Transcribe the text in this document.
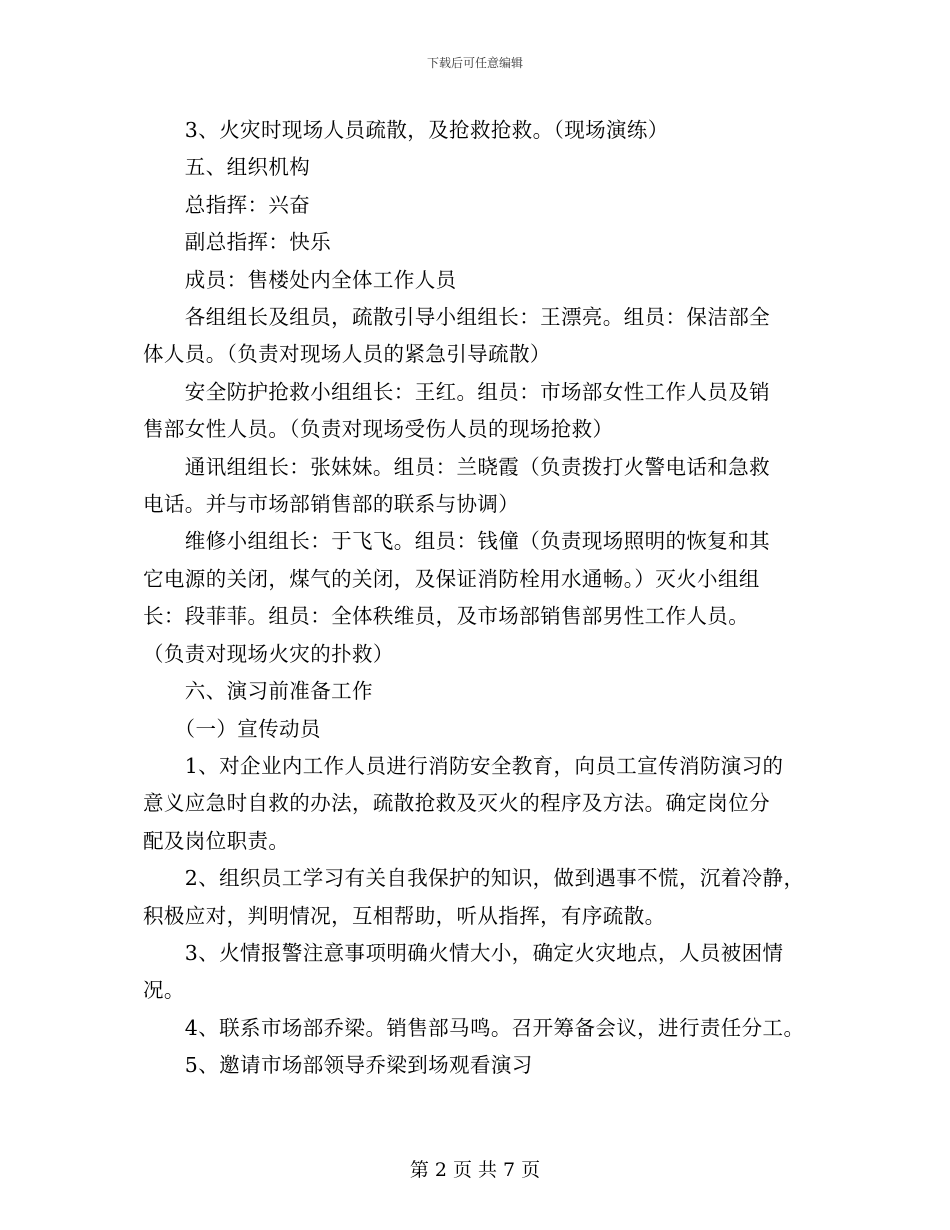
下载后可任意编辑
　　3、火灾时现场人员疏散，及抢救抢救。（现场演练）
　　五、组织机构
　　总指挥：兴奋
　　副总指挥：快乐
　　成员：售楼处内全体工作人员
　　各组组长及组员，疏散引导小组组长：王漂亮。组员：保洁部全
体人员。（负责对现场人员的紧急引导疏散）
　　安全防护抢救小组组长：王红。组员：市场部女性工作人员及销
售部女性人员。（负责对现场受伤人员的现场抢救）
　　通讯组组长：张妹妹。组员：兰晓霞（负责拨打火警电话和急救
电话。并与市场部销售部的联系与协调）
　　维修小组组长：于飞飞。组员：钱僮（负责现场照明的恢复和其
它电源的关闭，煤气的关闭，及保证消防栓用水通畅。）灭火小组组
长：段菲菲。组员：全体秩维员，及市场部销售部男性工作人员。
（负责对现场火灾的扑救）
　　六、演习前准备工作
　　（一）宣传动员
　　1、对企业内工作人员进行消防安全教育，向员工宣传消防演习的
意义应急时自救的办法，疏散抢救及灭火的程序及方法。确定岗位分
配及岗位职责。
　　2、组织员工学习有关自我保护的知识，做到遇事不慌，沉着冷静，
积极应对，判明情况，互相帮助，听从指挥，有序疏散。
　　3、火情报警注意事项明确火情大小，确定火灾地点，人员被困情
况。
　　4、联系市场部乔梁。销售部马鸣。召开筹备会议，进行责任分工。
　　5、邀请市场部领导乔梁到场观看演习
第 2 页 共 7 页
